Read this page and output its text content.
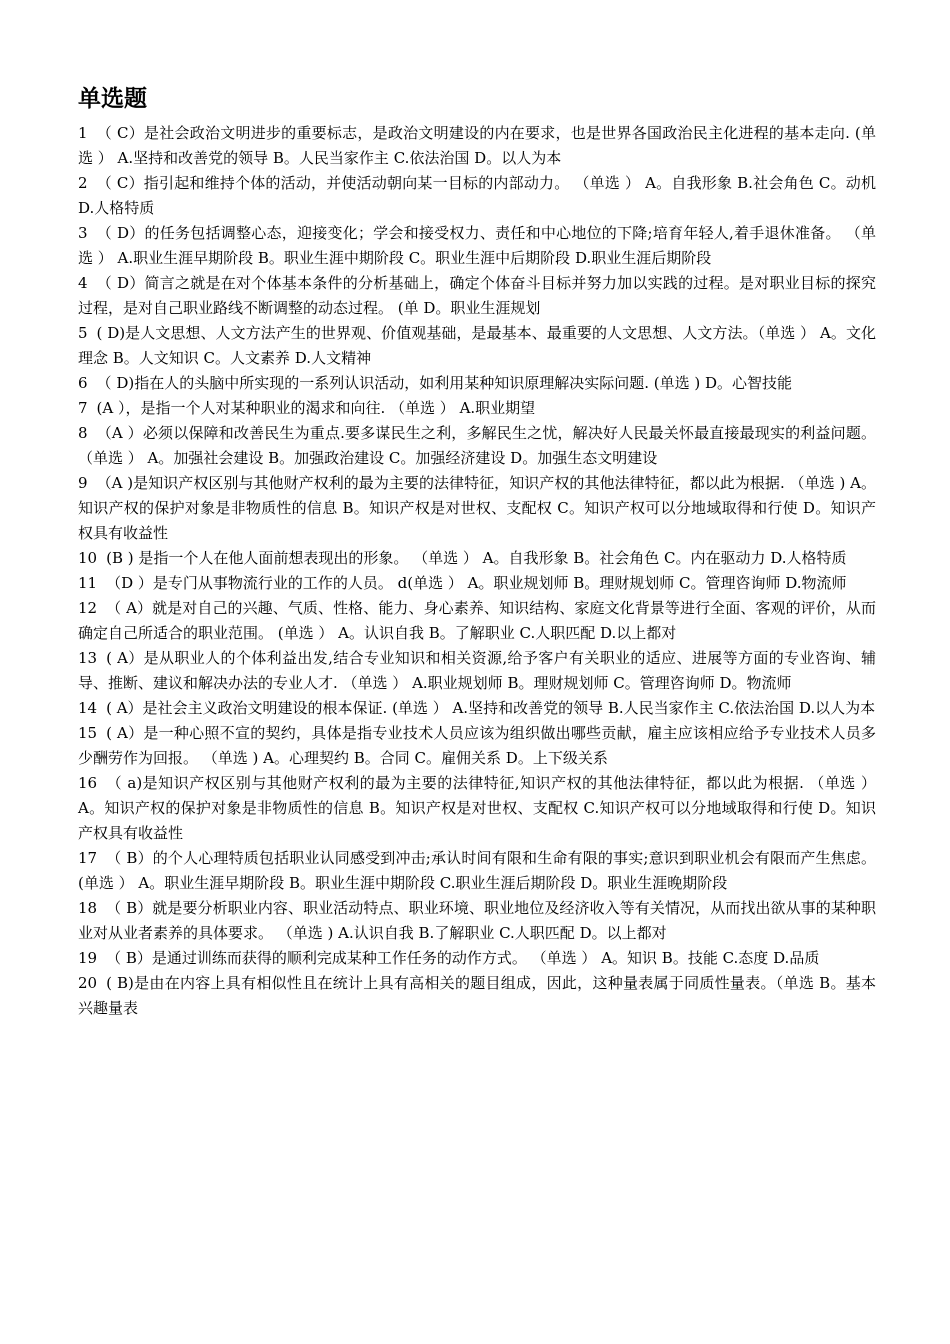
单选题

1 （ C）是社会政治文明进步的重要标志，是政治文明建设的内在要求，也是世界各国政治民主化进程的基本走向. (单选 ） A.坚持和改善党的领导 B。人民当家作主 C.依法治国 D。以人为本

2 （ C）指引起和维持个体的活动，并使活动朝向某一目标的内部动力。 （单选 ） A。自我形象 B.社会角色 C。动机 D.人格特质

3 （ D）的任务包括调整心态，迎接变化；学会和接受权力、责任和中心地位的下降;培育年轻人,着手退休准备。 （单选 ） A.职业生涯早期阶段 B。职业生涯中期阶段 C。职业生涯中后期阶段 D.职业生涯后期阶段

4 （ D）简言之就是在对个体基本条件的分析基础上，确定个体奋斗目标并努力加以实践的过程。是对职业目标的探究过程，是对自己职业路线不断调整的动态过程。 (单 D。职业生涯规划

5 ( D)是人文思想、人文方法产生的世界观、价值观基础，是最基本、最重要的人文思想、人文方法。（单选 ） A。文化理念 B。人文知识 C。人文素养 D.人文精神

6 （ D)指在人的头脑中所实现的一系列认识活动，如利用某种知识原理解决实际问题. (单选 ) D。心智技能

7 (A ），是指一个人对某种职业的渴求和向往. （单选 ） A.职业期望

8 （A ）必须以保障和改善民生为重点.要多谋民生之利，多解民生之忧，解决好人民最关怀最直接最现实的利益问题。 （单选 ） A。加强社会建设 B。加强政治建设 C。加强经济建设 D。加强生态文明建设

9 （A )是知识产权区别与其他财产权利的最为主要的法律特征，知识产权的其他法律特征，都以此为根据. （单选 ) A。知识产权的保护对象是非物质性的信息 B。知识产权是对世权、支配权 C。知识产权可以分地域取得和行使 D。知识产权具有收益性

10 (B ) 是指一个人在他人面前想表现出的形象。 （单选 ） A。自我形象 B。社会角色 C。内在驱动力 D.人格特质

11 （D ）是专门从事物流行业的工作的人员。 d(单选 ） A。职业规划师 B。理财规划师 C。管理咨询师 D.物流师

12 （ A）就是对自己的兴趣、气质、性格、能力、身心素养、知识结构、家庭文化背景等进行全面、客观的评价，从而确定自己所适合的职业范围。 (单选 ） A。认识自我 B。了解职业 C.人职匹配 D.以上都对

13 ( A）是从职业人的个体利益出发,结合专业知识和相关资源,给予客户有关职业的适应、进展等方面的专业咨询、辅导、推断、建议和解决办法的专业人才. （单选 ） A.职业规划师 B。理财规划师 C。管理咨询师 D。物流师

14 ( A）是社会主义政治文明建设的根本保证. (单选 ） A.坚持和改善党的领导 B.人民当家作主 C.依法治国 D.以人为本

15 ( A）是一种心照不宣的契约，具体是指专业技术人员应该为组织做出哪些贡献，雇主应该相应给予专业技术人员多少酬劳作为回报。 （单选 ) A。心理契约 B。合同 C。雇佣关系 D。上下级关系

16 （ a)是知识产权区别与其他财产权利的最为主要的法律特征,知识产权的其他法律特征，都以此为根据. （单选 ） A。知识产权的保护对象是非物质性的信息 B。知识产权是对世权、支配权 C.知识产权可以分地域取得和行使 D。知识产权具有收益性

17 （ B）的个人心理特质包括职业认同感受到冲击;承认时间有限和生命有限的事实;意识到职业机会有限而产生焦虑。 (单选 ） A。职业生涯早期阶段 B。职业生涯中期阶段 C.职业生涯后期阶段 D。职业生涯晚期阶段

18 （ B）就是要分析职业内容、职业活动特点、职业环境、职业地位及经济收入等有关情况，从而找出欲从事的某种职业对从业者素养的具体要求。 （单选 ) A.认识自我 B.了解职业 C.人职匹配 D。以上都对

19 （ B）是通过训练而获得的顺利完成某种工作任务的动作方式。 （单选 ） A。知识 B。技能 C.态度 D.品质

20 ( B)是由在内容上具有相似性且在统计上具有高相关的题目组成，因此，这种量表属于同质性量表。（单选 B。基本兴趣量表
